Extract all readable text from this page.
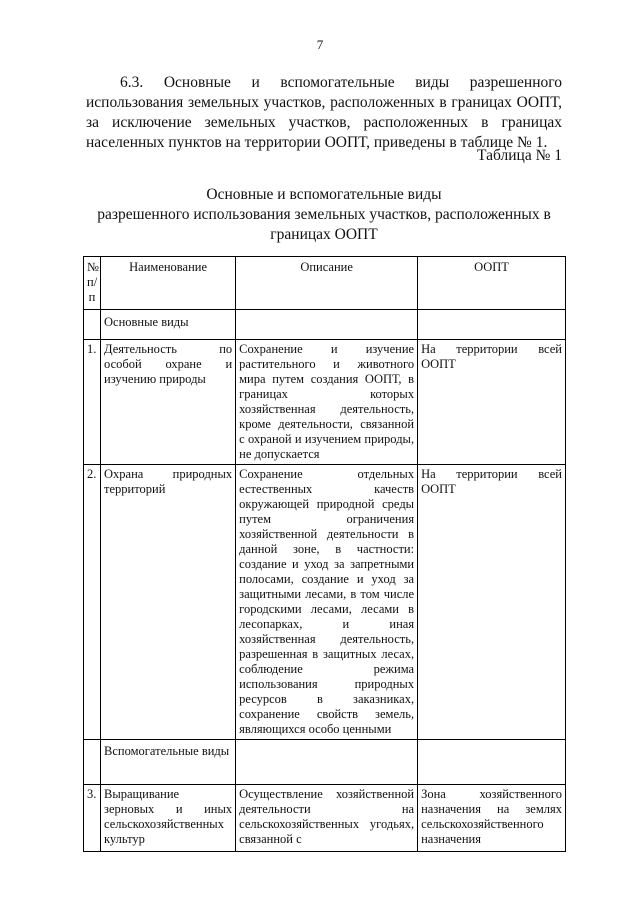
7
6.3. Основные и вспомогательные виды разрешенного использования земельных участков, расположенных в границах ООПТ, за исключение земельных участков, расположенных в границах населенных пунктов на территории ООПТ, приведены в таблице № 1.
Таблица № 1
Основные и вспомогательные виды
разрешенного использования земельных участков, расположенных в
границах ООПТ
№ п/п	Наименование	Описание	ООПТ
	Основные виды		
1.	Деятельность по особой охране и изучению природы	Сохранение и изучение растительного и животного мира путем создания ООПТ, в границах которых хозяйственная деятельность, кроме деятельности, связанной с охраной и изучением природы, не допускается	На территории всей ООПТ
2.	Охрана природных территорий	Сохранение отдельных естественных качеств окружающей природной среды путем ограничения хозяйственной деятельности в данной зоне, в частности: создание и уход за запретными полосами, создание и уход за защитными лесами, в том числе городскими лесами, лесами в лесопарках, и иная хозяйственная деятельность, разрешенная в защитных лесах, соблюдение режима использования природных ресурсов в заказниках, сохранение свойств земель, являющихся особо ценными	На территории всей ООПТ
	Вспомогательные виды		
3.	Выращивание зерновых и иных сельскохозяйственных культур	Осуществление хозяйственной деятельности на сельскохозяйственных угодьях, связанной с	Зона хозяйственного назначения на землях сельскохозяйственного назначения
